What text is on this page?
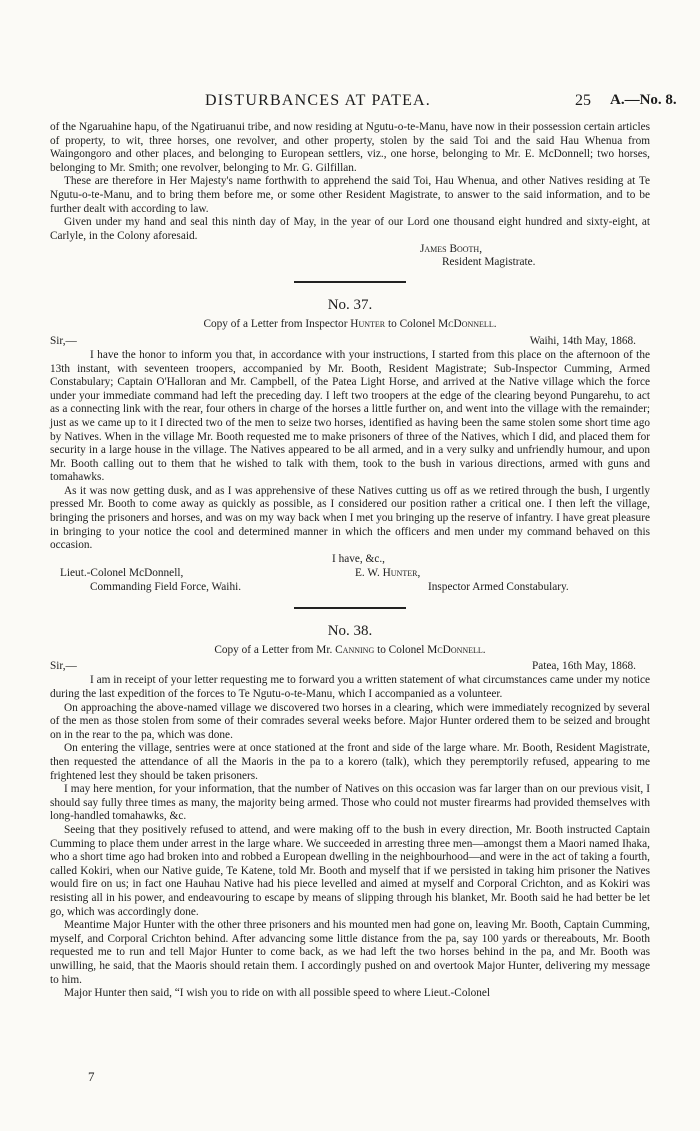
DISTURBANCES AT PATEA.	25 A.—No. 8.

of the Ngaruahine hapu, of the Ngatiruanui tribe, and now residing at Ngutu-o-te-Manu, have now in their possession certain articles of property, to wit, three horses, one revolver, and other property, stolen by the said Toi and the said Hau Whenua from Waingongoro and other places, and belonging to European settlers, viz., one horse, belonging to Mr. E. McDonnell; two horses, belonging to Mr. Smith; one revolver, belonging to Mr. G. Gilfillan.

These are therefore in Her Majesty's name forthwith to apprehend the said Toi, Hau Whenua, and other Natives residing at Te Ngutu-o-te-Manu, and to bring them before me, or some other Resident Magistrate, to answer to the said information, and to be further dealt with according to law.

Given under my hand and seal this ninth day of May, in the year of our Lord one thousand eight hundred and sixty-eight, at Carlyle, in the Colony aforesaid.

James Booth,
Resident Magistrate.
No. 37.
Copy of a Letter from Inspector Hunter to Colonel McDonnell.
Sir,—	Waihi, 14th May, 1868.

I have the honor to inform you that, in accordance with your instructions, I started from this place on the afternoon of the 13th instant, with seventeen troopers, accompanied by Mr. Booth, Resident Magistrate; Sub-Inspector Cumming, Armed Constabulary; Captain O'Halloran and Mr. Campbell, of the Patea Light Horse, and arrived at the Native village which the force under your immediate command had left the preceding day. I left two troopers at the edge of the clearing beyond Pungarehu, to act as a connecting link with the rear, four others in charge of the horses a little further on, and went into the village with the remainder; just as we came up to it I directed two of the men to seize two horses, identified as having been the same stolen some short time ago by Natives. When in the village Mr. Booth requested me to make prisoners of three of the Natives, which I did, and placed them for security in a large house in the village. The Natives appeared to be all armed, and in a very sulky and unfriendly humour, and upon Mr. Booth calling out to them that he wished to talk with them, took to the bush in various directions, armed with guns and tomahawks.

As it was now getting dusk, and as I was apprehensive of these Natives cutting us off as we retired through the bush, I urgently pressed Mr. Booth to come away as quickly as possible, as I considered our position rather a critical one. I then left the village, bringing the prisoners and horses, and was on my way back when I met you bringing up the reserve of infantry. I have great pleasure in bringing to your notice the cool and determined manner in which the officers and men under my command behaved on this occasion.

I have, &c.,
Lieut.-Colonel McDonnell,
Commanding Field Force, Waihi.
E. W. Hunter,
Inspector Armed Constabulary.
No. 38.
Copy of a Letter from Mr. Canning to Colonel McDonnell.
Sir,—	Patea, 16th May, 1868.

I am in receipt of your letter requesting me to forward you a written statement of what circumstances came under my notice during the last expedition of the forces to Te Ngutu-o-te-Manu, which I accompanied as a volunteer.

On approaching the above-named village we discovered two horses in a clearing, which were immediately recognized by several of the men as those stolen from some of their comrades several weeks before. Major Hunter ordered them to be seized and brought on in the rear to the pa, which was done.

On entering the village, sentries were at once stationed at the front and side of the large whare. Mr. Booth, Resident Magistrate, then requested the attendance of all the Maoris in the pa to a korero (talk), which they peremptorily refused, appearing to me frightened lest they should be taken prisoners.

I may here mention, for your information, that the number of Natives on this occasion was far larger than on our previous visit, I should say fully three times as many, the majority being armed. Those who could not muster firearms had provided themselves with long-handled tomahawks, &c.

Seeing that they positively refused to attend, and were making off to the bush in every direction, Mr. Booth instructed Captain Cumming to place them under arrest in the large whare. We succeeded in arresting three men—amongst them a Maori named Ihaka, who a short time ago had broken into and robbed a European dwelling in the neighbourhood—and were in the act of taking a fourth, called Kokiri, when our Native guide, Te Katene, told Mr. Booth and myself that if we persisted in taking him prisoner the Natives would fire on us; in fact one Hauhau Native had his piece levelled and aimed at myself and Corporal Crichton, and as Kokiri was resisting all in his power, and endeavouring to escape by means of slipping through his blanket, Mr. Booth said he had better be let go, which was accordingly done.

Meantime Major Hunter with the other three prisoners and his mounted men had gone on, leaving Mr. Booth, Captain Cumming, myself, and Corporal Crichton behind. After advancing some little distance from the pa, say 100 yards or thereabouts, Mr. Booth requested me to run and tell Major Hunter to come back, as we had left the two horses behind in the pa, and Mr. Booth was unwilling, he said, that the Maoris should retain them. I accordingly pushed on and overtook Major Hunter, delivering my message to him.

Major Hunter then said, “I wish you to ride on with all possible speed to where Lieut.-Colonel

7
